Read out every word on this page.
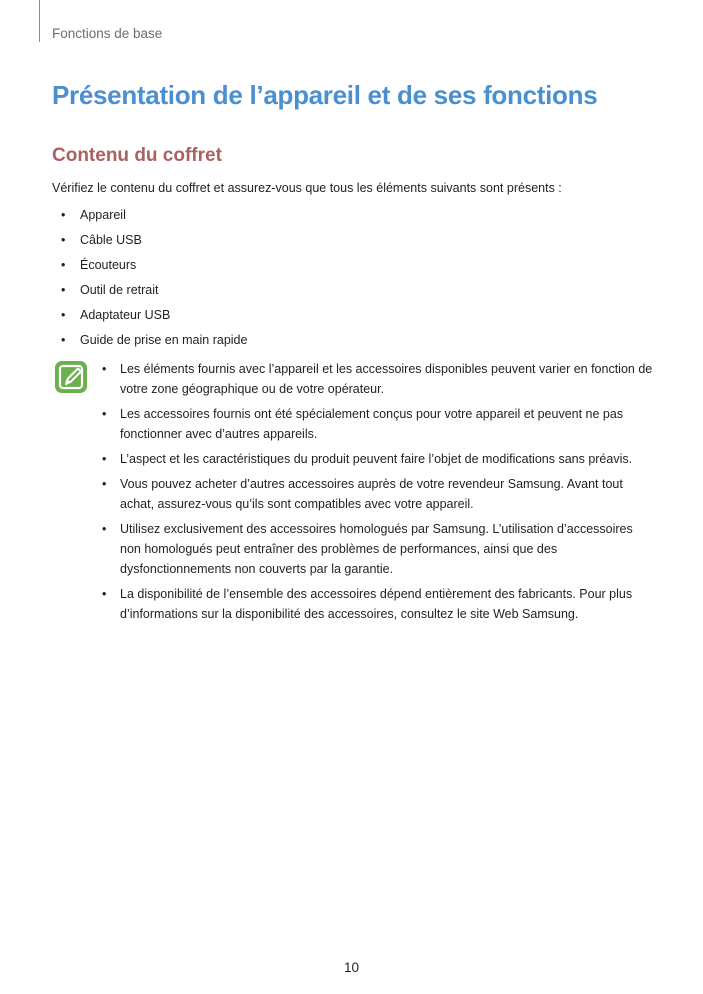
Fonctions de base
Présentation de l’appareil et de ses fonctions
Contenu du coffret

Vérifiez le contenu du coffret et assurez-vous que tous les éléments suivants sont présents :

• Appareil
• Câble USB
• Écouteurs
• Outil de retrait
• Adaptateur USB
• Guide de prise en main rapide
• Les éléments fournis avec l’appareil et les accessoires disponibles peuvent varier en fonction de votre zone géographique ou de votre opérateur.
• Les accessoires fournis ont été spécialement conçus pour votre appareil et peuvent ne pas fonctionner avec d’autres appareils.
• L’aspect et les caractéristiques du produit peuvent faire l’objet de modifications sans préavis.
• Vous pouvez acheter d’autres accessoires auprès de votre revendeur Samsung. Avant tout achat, assurez-vous qu’ils sont compatibles avec votre appareil.
• Utilisez exclusivement des accessoires homologués par Samsung. L’utilisation d’accessoires non homologués peut entraîner des problèmes de performances, ainsi que des dysfonctionnements non couverts par la garantie.
• La disponibilité de l’ensemble des accessoires dépend entièrement des fabricants. Pour plus d’informations sur la disponibilité des accessoires, consultez le site Web Samsung.
10
